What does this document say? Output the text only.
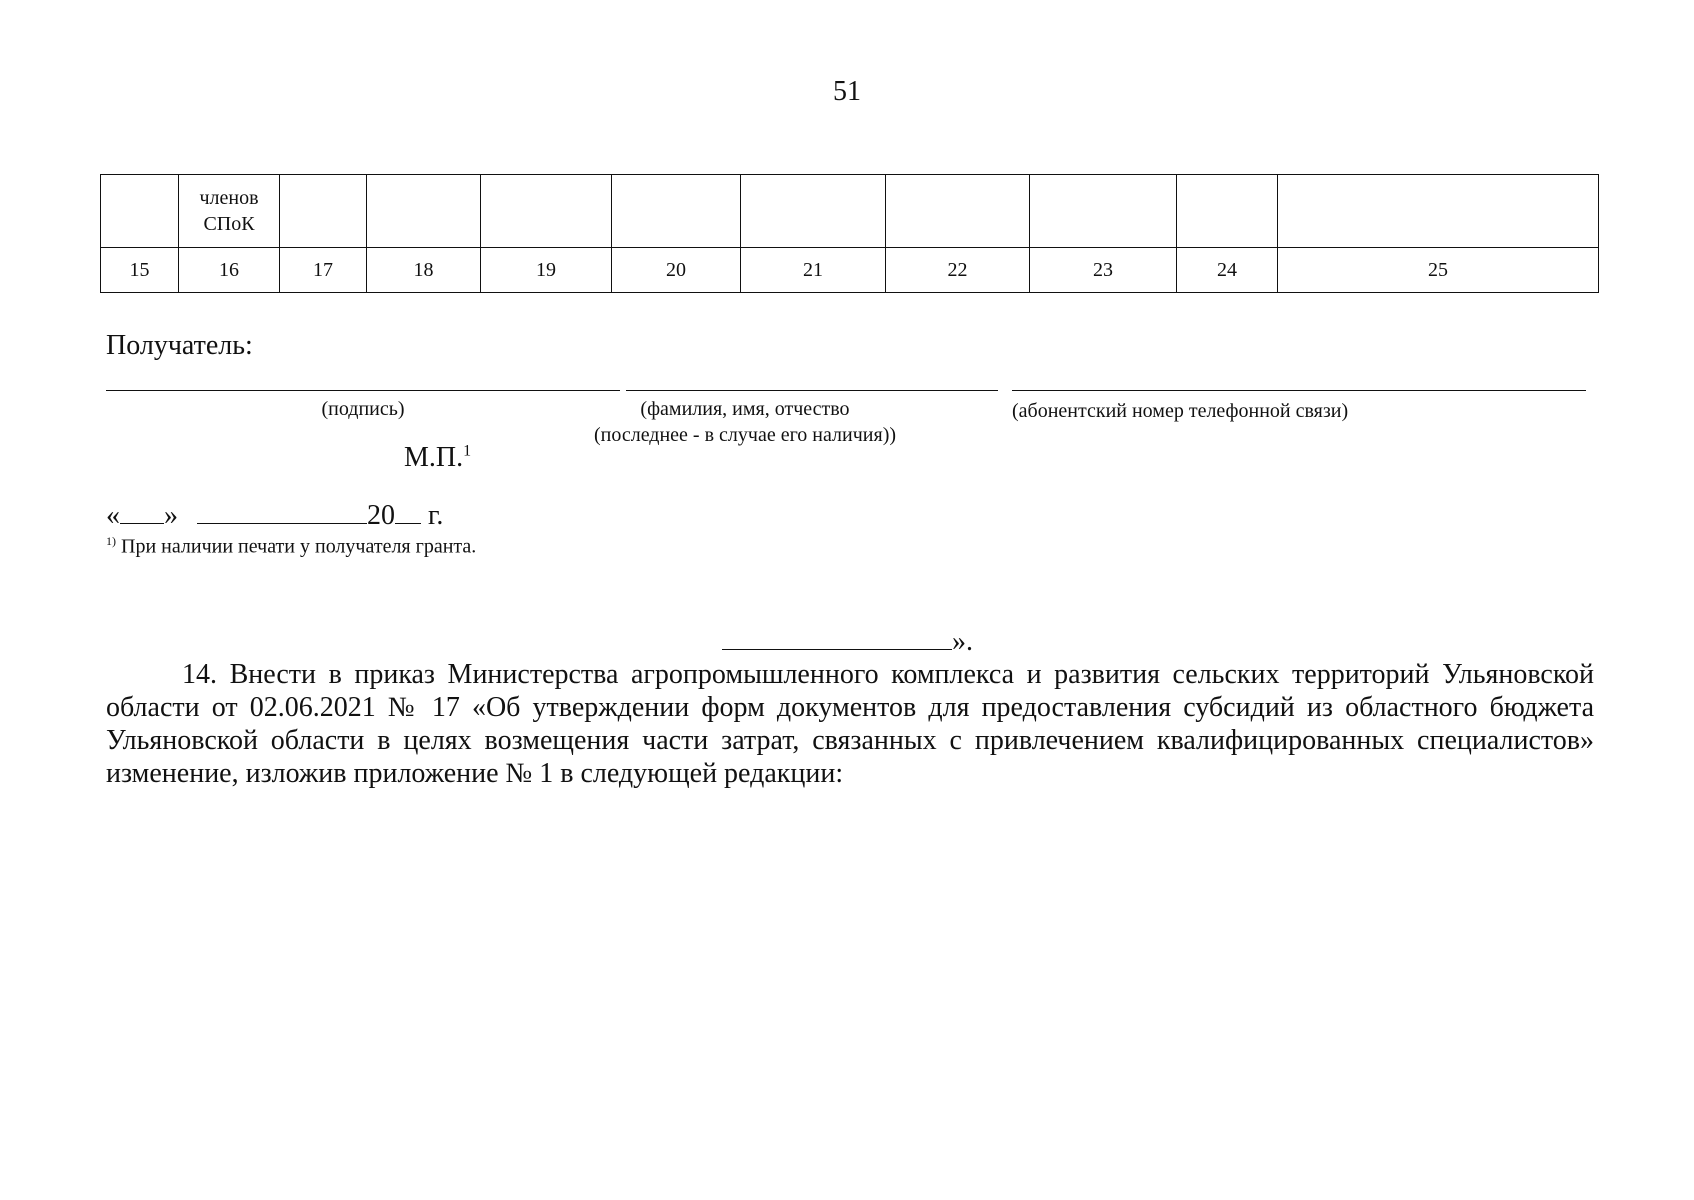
51
	членов СПоК									
15	16	17	18	19	20	21	22	23	24	25
Получатель:
(подпись)	(фамилия, имя, отчество
(последнее - в случае его наличия))
(абонентский номер телефонной связи)
М.П.$^1$
« »	20 г.
$^{1)}$ При наличии печати у получателя гранта.
».
14. Внести в приказ Министерства агропромышленного комплекса и развития сельских территорий Ульяновской области от 02.06.2021 № 17 «Об утверждении форм документов для предоставления субсидий из областного бюджета Ульяновской области в целях возмещения части затрат, связанных с привлечением квалифицированных специалистов» изменение, изложив приложение № 1 в следующей редакции:
